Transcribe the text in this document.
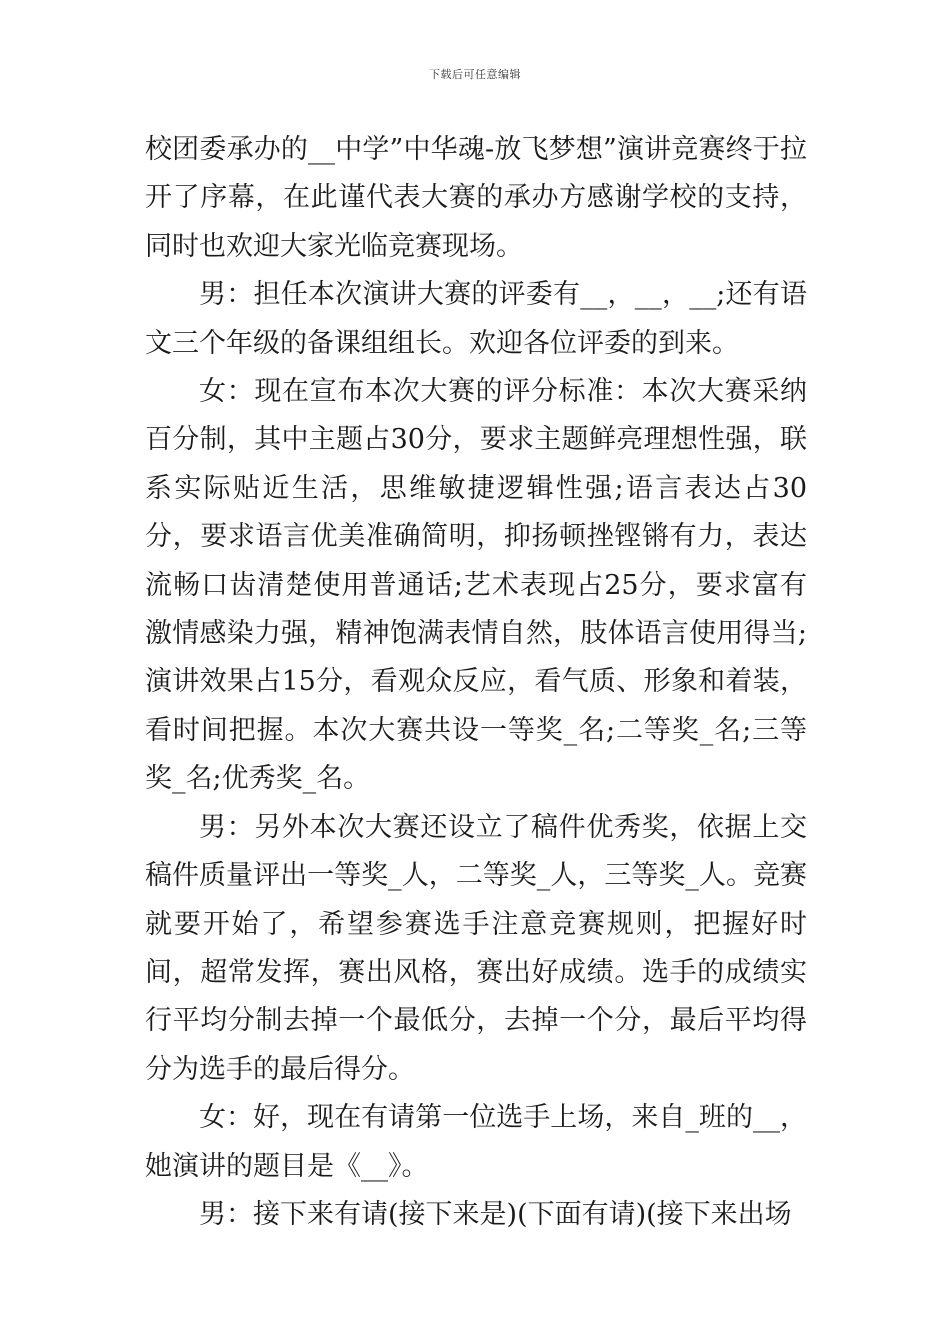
下载后可任意编辑

校团委承办的__中学”中华魂-放飞梦想”演讲竞赛终于拉开了序幕，在此谨代表大赛的承办方感谢学校的支持，同时也欢迎大家光临竞赛现场。

男：担任本次演讲大赛的评委有__，__，__;还有语文三个年级的备课组组长。欢迎各位评委的到来。

女：现在宣布本次大赛的评分标准：本次大赛采纳百分制，其中主题占30分，要求主题鲜亮理想性强，联系实际贴近生活，思维敏捷逻辑性强;语言表达占30分，要求语言优美准确简明，抑扬顿挫铿锵有力，表达流畅口齿清楚使用普通话;艺术表现占25分，要求富有激情感染力强，精神饱满表情自然，肢体语言使用得当;演讲效果占15分，看观众反应，看气质、形象和着装，看时间把握。本次大赛共设一等奖_名;二等奖_名;三等奖_名;优秀奖_名。

男：另外本次大赛还设立了稿件优秀奖，依据上交稿件质量评出一等奖_人，二等奖_人，三等奖_人。竞赛就要开始了，希望参赛选手注意竞赛规则，把握好时间，超常发挥，赛出风格，赛出好成绩。选手的成绩实行平均分制去掉一个最低分，去掉一个分，最后平均得分为选手的最后得分。

女：好，现在有请第一位选手上场，来自_班的__，她演讲的题目是《__》。

男：接下来有请(接下来是)(下面有请)(接下来出场
